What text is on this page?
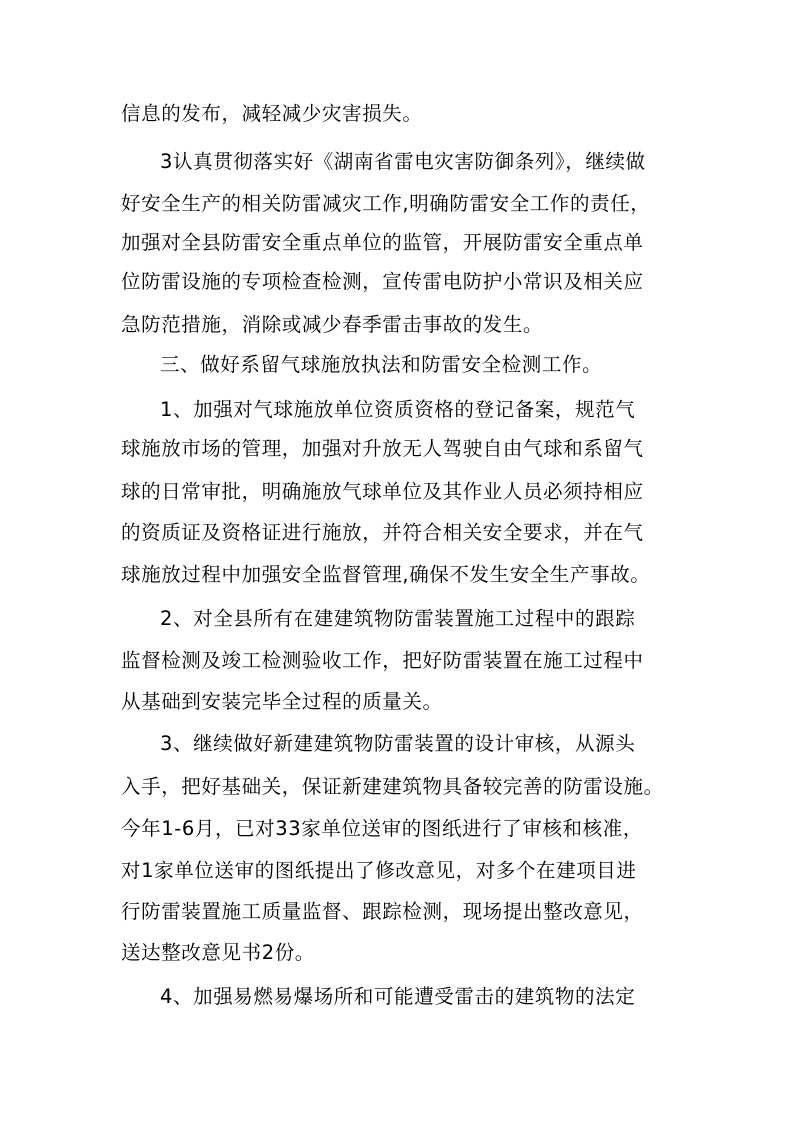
信息的发布，减轻减少灾害损失。
3认真贯彻落实好《湖南省雷电灾害防御条列》，继续做
好安全生产的相关防雷减灾工作,明确防雷安全工作的责任，
加强对全县防雷安全重点单位的监管，开展防雷安全重点单
位防雷设施的专项检查检测，宣传雷电防护小常识及相关应
急防范措施，消除或减少春季雷击事故的发生。
三、做好系留气球施放执法和防雷安全检测工作。
1、加强对气球施放单位资质资格的登记备案，规范气
球施放市场的管理，加强对升放无人驾驶自由气球和系留气
球的日常审批，明确施放气球单位及其作业人员必须持相应
的资质证及资格证进行施放，并符合相关安全要求，并在气
球施放过程中加强安全监督管理,确保不发生安全生产事故。
2、对全县所有在建建筑物防雷装置施工过程中的跟踪
监督检测及竣工检测验收工作，把好防雷装置在施工过程中
从基础到安装完毕全过程的质量关。
3、继续做好新建建筑物防雷装置的设计审核，从源头
入手，把好基础关，保证新建建筑物具备较完善的防雷设施。
今年1-6月，已对33家单位送审的图纸进行了审核和核准，
对1家单位送审的图纸提出了修改意见，对多个在建项目进
行防雷装置施工质量监督、跟踪检测，现场提出整改意见，
送达整改意见书2份。
4、加强易燃易爆场所和可能遭受雷击的建筑物的法定
